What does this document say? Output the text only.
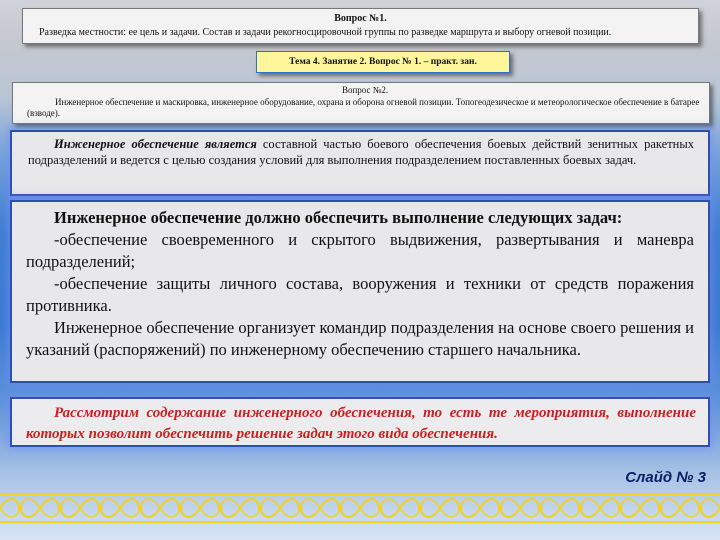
Вопрос №1.
Разведка местности: ее цель и задачи. Состав и задачи рекогносцировочной группы по разведке маршрута и выбору огневой позиции.
Тема 4. Занятие 2. Вопрос № 1. – практ. зан.
Вопрос №2.
Инженерное обеспечение и маскировка, инженерное оборудование, охрана и оборона огневой позиции. Топогеодезическое и метеорологическое обеспечение в батарее (взводе).
Инженерное обеспечение является составной частью боевого обеспечения боевых действий зенитных ракетных подразделений и ведется с целью создания условий для выполнения подразделением поставленных боевых задач.

Инженерное обеспечение должно обеспечить выполнение следующих задач:

-обеспечение своевременного и скрытого выдвижения, развертывания и маневра подразделений;

-обеспечение защиты личного состава, вооружения и техники от средств поражения противника.

Инженерное обеспечение организует командир подразделения на основе своего решения и указаний (распоряжений) по инженерному обеспечению старшего начальника.

Рассмотрим содержание инженерного обеспечения, то есть те мероприятия, выполнение которых позволит обеспечить решение задач этого вида обеспечения.
Слайд № 3
